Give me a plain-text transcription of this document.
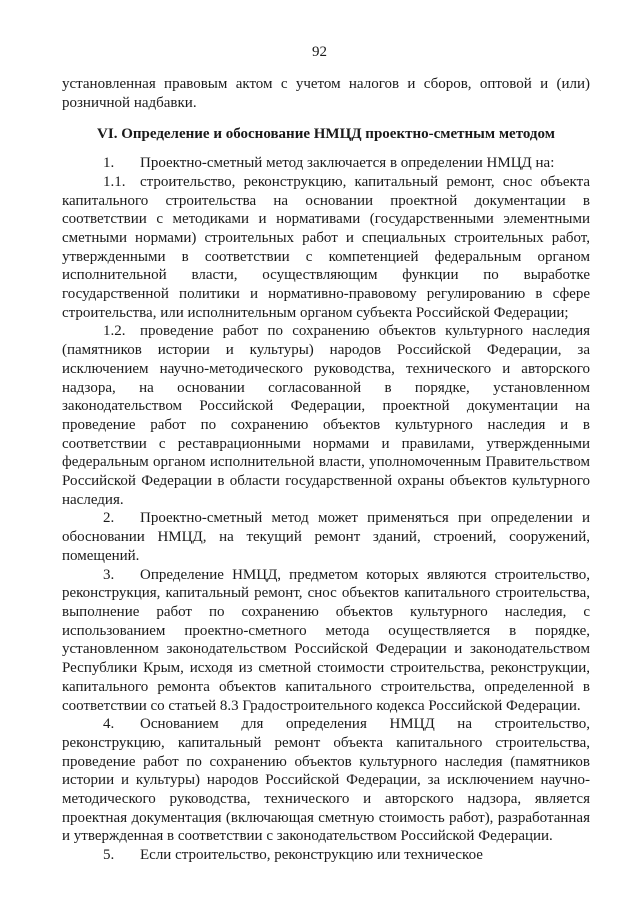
92

установленная правовым актом с учетом налогов и сборов, оптовой и (или) розничной надбавки.

VI. Определение и обоснование НМЦД проектно-сметным методом

1. Проектно-сметный метод заключается в определении НМЦД на:

1.1. строительство, реконструкцию, капитальный ремонт, снос объекта капитального строительства на основании проектной документации в соответствии с методиками и нормативами (государственными элементными сметными нормами) строительных работ и специальных строительных работ, утвержденными в соответствии с компетенцией федеральным органом исполнительной власти, осуществляющим функции по выработке государственной политики и нормативно-правовому регулированию в сфере строительства, или исполнительным органом субъекта Российской Федерации;

1.2. проведение работ по сохранению объектов культурного наследия (памятников истории и культуры) народов Российской Федерации, за исключением научно-методического руководства, технического и авторского надзора, на основании согласованной в порядке, установленном законодательством Российской Федерации, проектной документации на проведение работ по сохранению объектов культурного наследия и в соответствии с реставрационными нормами и правилами, утвержденными федеральным органом исполнительной власти, уполномоченным Правительством Российской Федерации в области государственной охраны объектов культурного наследия.

2. Проектно-сметный метод может применяться при определении и обосновании НМЦД, на текущий ремонт зданий, строений, сооружений, помещений.

3. Определение НМЦД, предметом которых являются строительство, реконструкция, капитальный ремонт, снос объектов капитального строительства, выполнение работ по сохранению объектов культурного наследия, с использованием проектно-сметного метода осуществляется в порядке, установленном законодательством Российской Федерации и законодательством Республики Крым, исходя из сметной стоимости строительства, реконструкции, капитального ремонта объектов капитального строительства, определенной в соответствии со статьей 8.3 Градостроительного кодекса Российской Федерации.

4. Основанием для определения НМЦД на строительство, реконструкцию, капитальный ремонт объекта капитального строительства, проведение работ по сохранению объектов культурного наследия (памятников истории и культуры) народов Российской Федерации, за исключением научно-методического руководства, технического и авторского надзора, является проектная документация (включающая сметную стоимость работ), разработанная и утвержденная в соответствии с законодательством Российской Федерации.

5. Если строительство, реконструкцию или техническое
